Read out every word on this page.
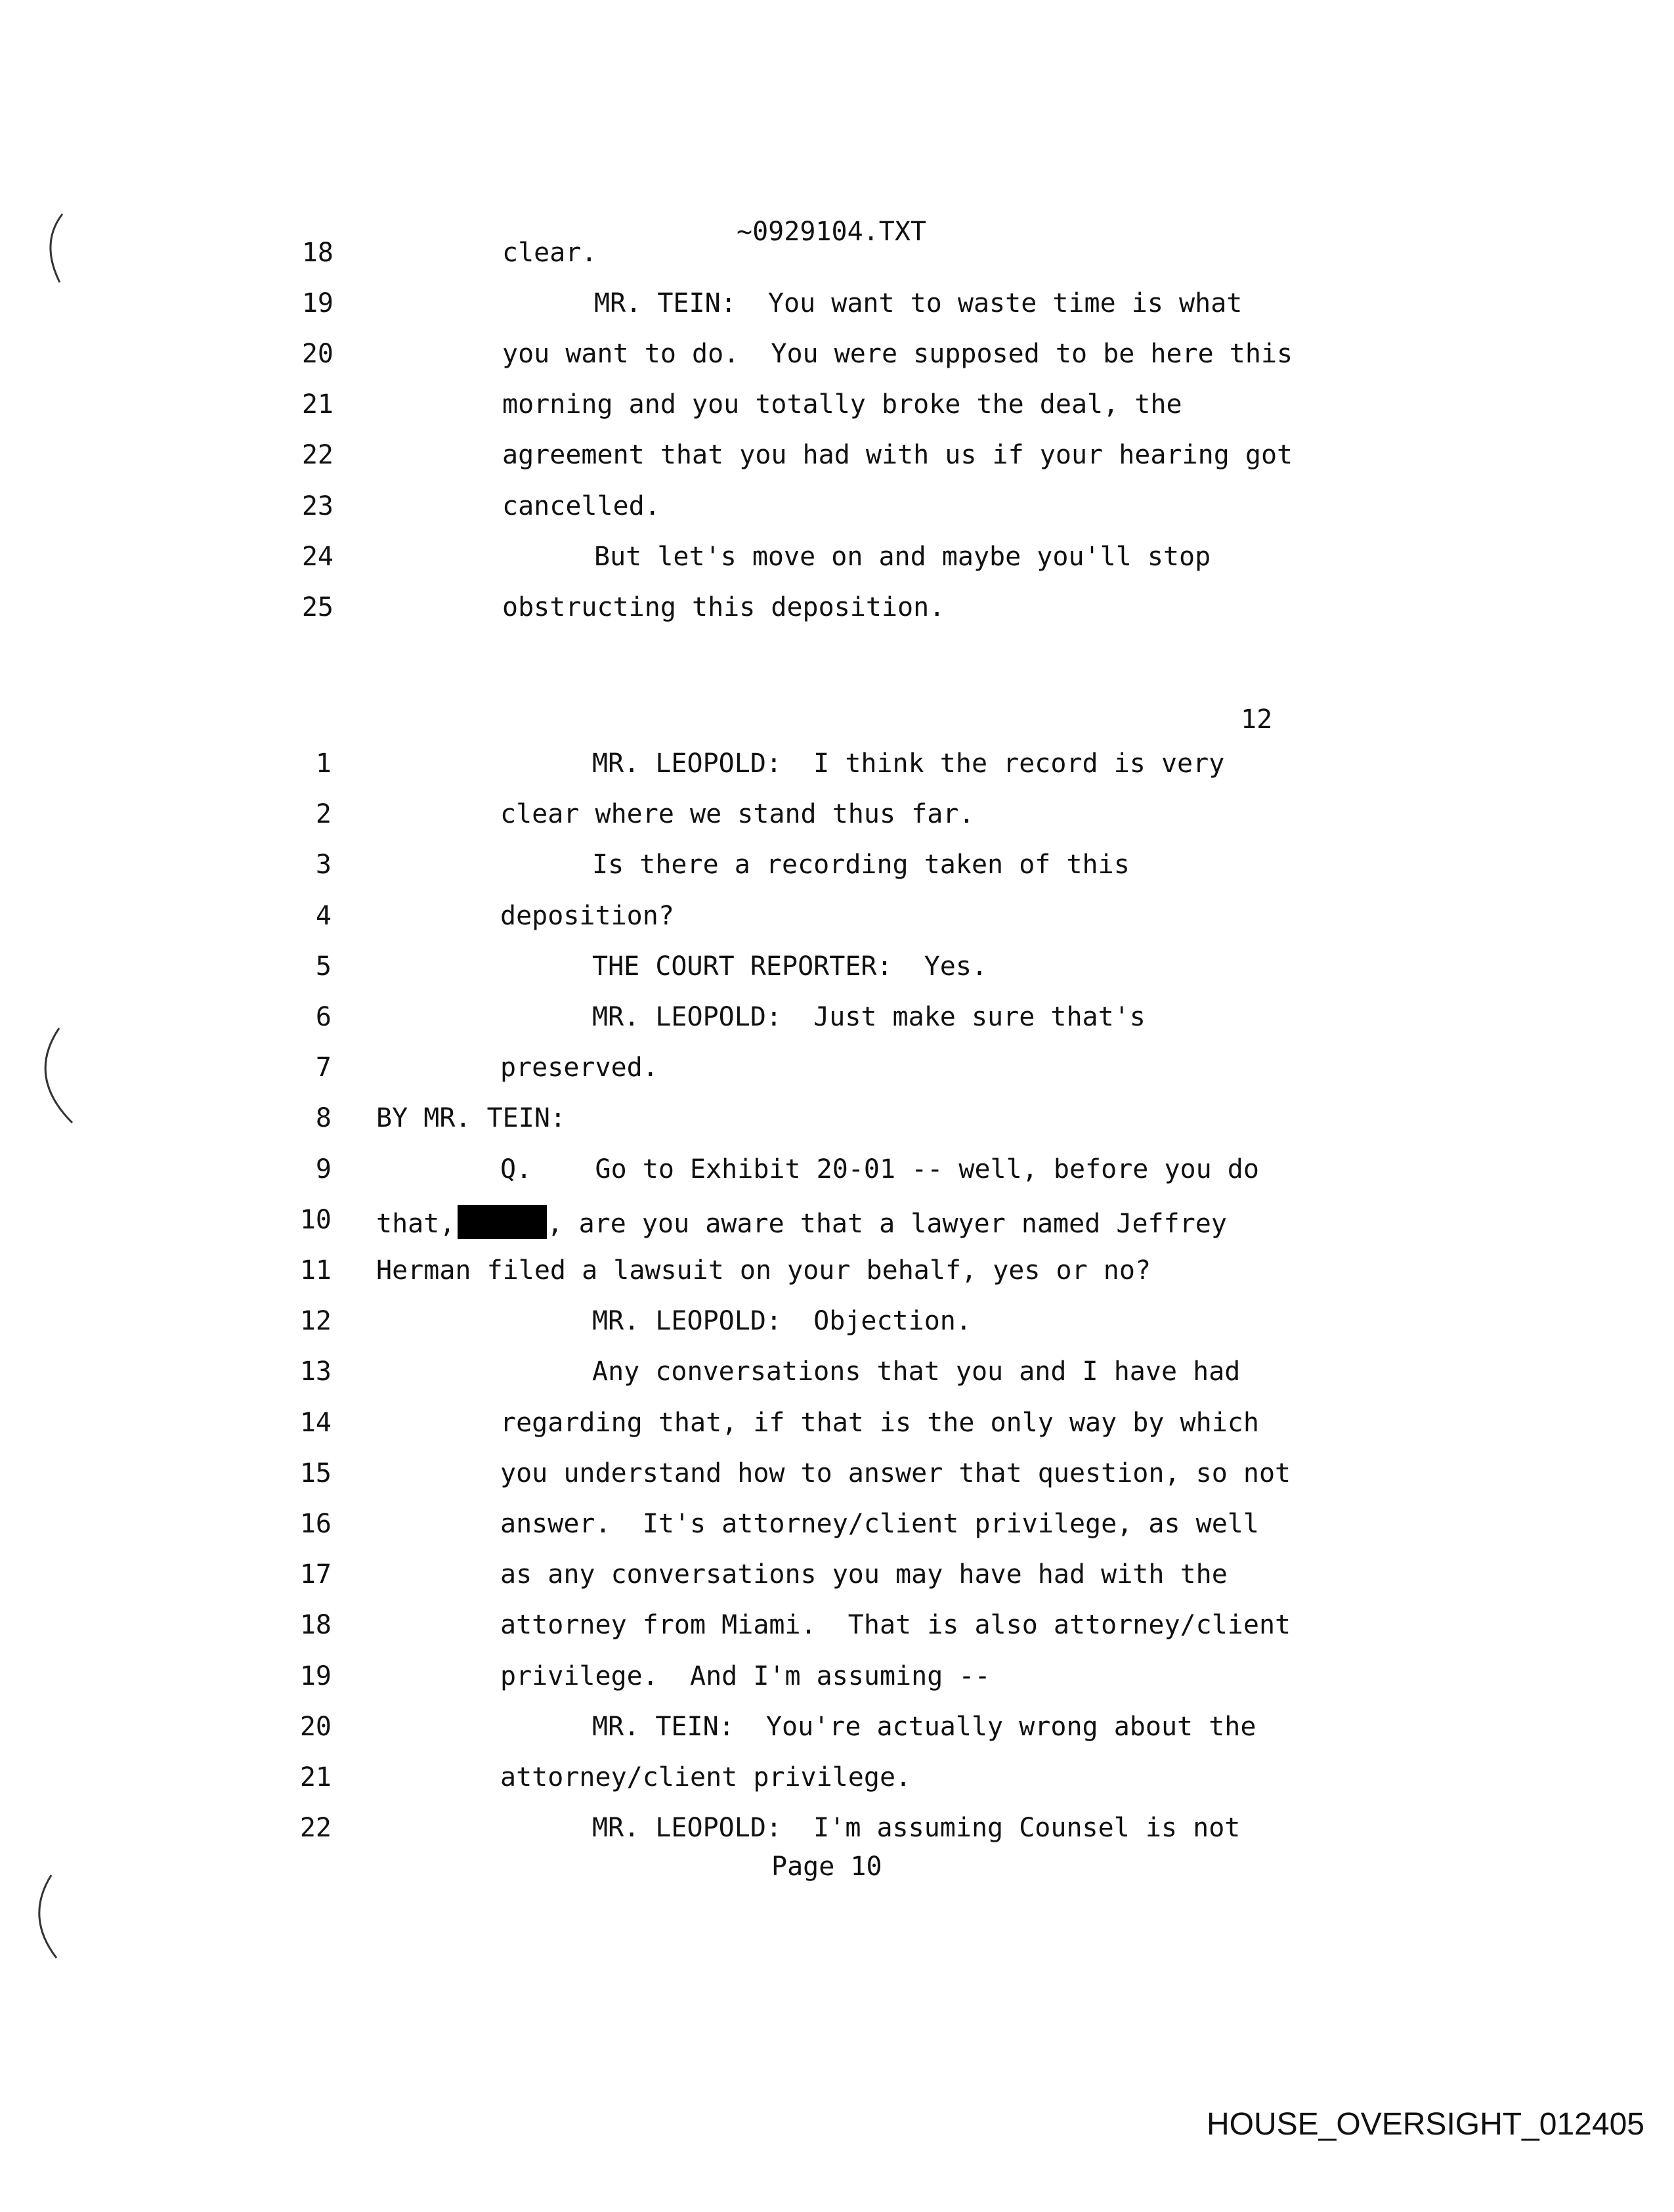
~0929104.TXT
18	clear.
19	MR. TEIN:  You want to waste time is what
20	you want to do.  You were supposed to be here this
21	morning and you totally broke the deal, the
22	agreement that you had with us if your hearing got
23	cancelled.
24	But let's move on and maybe you'll stop
25	obstructing this deposition.
12
1	MR. LEOPOLD:  I think the record is very
2	clear where we stand thus far.
3	Is there a recording taken of this
4	deposition?
5	THE COURT REPORTER:  Yes.
6	MR. LEOPOLD:  Just make sure that's
7	preserved.
8 BY MR. TEIN:
9	Q.    Go to Exhibit 20-01 -- well, before you do
10 that,	, are you aware that a lawyer named Jeffrey
11 Herman filed a lawsuit on your behalf, yes or no?
12	MR. LEOPOLD:  Objection.
13	Any conversations that you and I have had
14	regarding that, if that is the only way by which
15	you understand how to answer that question, so not
16	answer.  It's attorney/client privilege, as well
17	as any conversations you may have had with the
18	attorney from Miami.  That is also attorney/client
19	privilege.  And I'm assuming --
20	MR. TEIN:  You're actually wrong about the
21	attorney/client privilege.
22	MR. LEOPOLD:  I'm assuming Counsel is not
Page 10
HOUSE_OVERSIGHT_012405
